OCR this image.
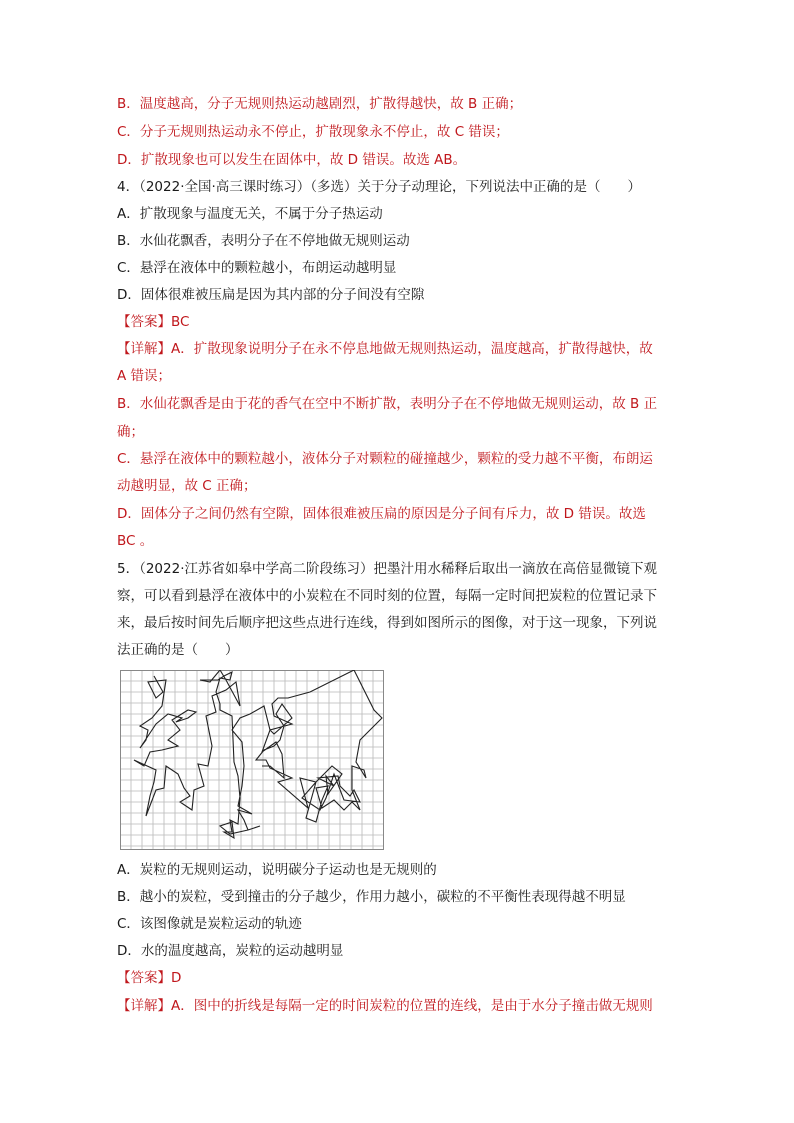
B．温度越高，分子无规则热运动越剧烈，扩散得越快，故 B 正确；
C．分子无规则热运动永不停止，扩散现象永不停止，故 C 错误；
D．扩散现象也可以发生在固体中，故 D 错误。故选 AB。
4．（2022·全国·高三课时练习）（多选）关于分子动理论，下列说法中正确的是（　　）
A．扩散现象与温度无关，不属于分子热运动
B．水仙花飘香，表明分子在不停地做无规则运动
C．悬浮在液体中的颗粒越小，布朗运动越明显
D．固体很难被压扁是因为其内部的分子间没有空隙
【答案】BC
【详解】A．扩散现象说明分子在永不停息地做无规则热运动，温度越高，扩散得越快，故
A 错误；
B．水仙花飘香是由于花的香气在空中不断扩散，表明分子在不停地做无规则运动，故 B 正
确；
C．悬浮在液体中的颗粒越小，液体分子对颗粒的碰撞越少，颗粒的受力越不平衡，布朗运
动越明显，故 C 正确；
D．固体分子之间仍然有空隙，固体很难被压扁的原因是分子间有斥力，故 D 错误。故选
BC 。
5．（2022·江苏省如皋中学高二阶段练习）把墨汁用水稀释后取出一滴放在高倍显微镜下观
察，可以看到悬浮在液体中的小炭粒在不同时刻的位置，每隔一定时间把炭粒的位置记录下
来，最后按时间先后顺序把这些点进行连线，得到如图所示的图像，对于这一现象，下列说
法正确的是（　　）
A．炭粒的无规则运动，说明碳分子运动也是无规则的
B．越小的炭粒，受到撞击的分子越少，作用力越小，碳粒的不平衡性表现得越不明显
C．该图像就是炭粒运动的轨迹
D．水的温度越高，炭粒的运动越明显
【答案】D
【详解】A．图中的折线是每隔一定的时间炭粒的位置的连线，是由于水分子撞击做无规则
